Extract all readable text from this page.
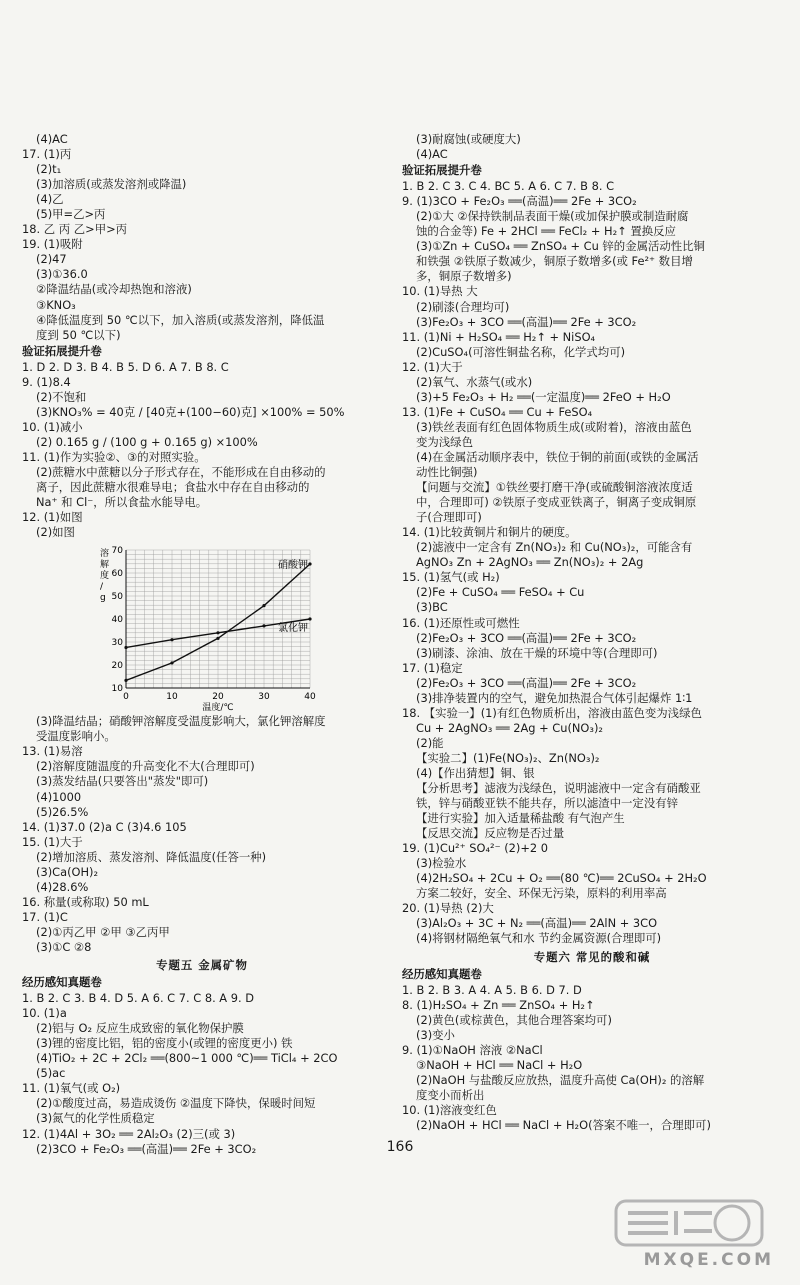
(4)AC
17. (1)丙
(2)t₁
(3)加溶质(或蒸发溶剂或降温)
(4)乙
(5)甲=乙>丙
18. 乙 丙 乙>甲>丙
19. (1)吸附
(2)47
(3)①36.0
②降温结晶(或冷却热饱和溶液)
③KNO₃
④降低温度到 50 ℃以下，加入溶质(或蒸发溶剂，降低温
度到 50 ℃以下)
验证拓展提升卷
1. D 2. D 3. B 4. B 5. D 6. A 7. B 8. C
9. (1)8.4
(2)不饱和
(3)KNO₃% = 40克 / [40克+(100−60)克] ×100% = 50%
10. (1)减小
(2) 0.165 g / (100 g + 0.165 g) ×100%
11. (1)作为实验②、③的对照实验。
(2)蔗糖水中蔗糖以分子形式存在，不能形成在自由移动的
离子，因此蔗糖水很难导电；食盐水中存在自由移动的
Na⁺ 和 Cl⁻，所以食盐水能导电。
12. (1)如图
(2)如图
0	10	20	30	40
10
20
30
40
50
60
70
溶解度/ g
温度/℃
硝酸钾
氯化钾
(3)降温结晶；硝酸钾溶解度受温度影响大，氯化钾溶解度
受温度影响小。
13. (1)易溶
(2)溶解度随温度的升高变化不大(合理即可)
(3)蒸发结晶(只要答出"蒸发"即可)
(4)1000
(5)26.5%
14. (1)37.0 (2)a C (3)4.6 105
15. (1)大于
(2)增加溶质、蒸发溶剂、降低温度(任答一种)
(3)Ca(OH)₂
(4)28.6%
16. 称量(或称取) 50 mL
17. (1)C
(2)①丙乙甲 ②甲 ③乙丙甲
(3)①C ②8
专题五 金属矿物
经历感知真题卷
1. B 2. C 3. B 4. D 5. A 6. C 7. C 8. A 9. D
10. (1)a
(2)铝与 O₂ 反应生成致密的氧化物保护膜
(3)锂的密度比铝，铝的密度小(或锂的密度更小) 铁
(4)TiO₂ + 2C + 2Cl₂ ══(800~1 000 ℃)══ TiCl₄ + 2CO
(5)ac
11. (1)氧气(或 O₂)
(2)①酸度过高，易造成烫伤 ②温度下降快，保暖时间短
(3)氮气的化学性质稳定
12. (1)4Al + 3O₂ ══ 2Al₂O₃ (2)三(或 3)
(2)3CO + Fe₂O₃ ══(高温)══ 2Fe + 3CO₂
(3)耐腐蚀(或硬度大)
(4)AC
验证拓展提升卷
1. B 2. C 3. C 4. BC 5. A 6. C 7. B 8. C
9. (1)3CO + Fe₂O₃ ══(高温)══ 2Fe + 3CO₂
(2)①大 ②保持铁制品表面干燥(或加保护膜或制造耐腐
蚀的合金等) Fe + 2HCl ══ FeCl₂ + H₂↑ 置换反应
(3)①Zn + CuSO₄ ══ ZnSO₄ + Cu 锌的金属活动性比铜
和铁强 ②铁原子数减少，铜原子数增多(或 Fe²⁺ 数目增
多，铜原子数增多)
10. (1)导热 大
(2)刷漆(合理均可)
(3)Fe₂O₃ + 3CO ══(高温)══ 2Fe + 3CO₂
11. (1)Ni + H₂SO₄ ══ H₂↑ + NiSO₄
(2)CuSO₄(可溶性铜盐名称，化学式均可)
12. (1)大于
(2)氧气、水蒸气(或水)
(3)+5 Fe₂O₃ + H₂ ══(一定温度)══ 2FeO + H₂O
13. (1)Fe + CuSO₄ ══ Cu + FeSO₄
(3)铁丝表面有红色固体物质生成(或附着)，溶液由蓝色
变为浅绿色
(4)在金属活动顺序表中，铁位于铜的前面(或铁的金属活
动性比铜强)
【问题与交流】①铁丝要打磨干净(或硫酸铜溶液浓度适
中，合理即可) ②铁原子变成亚铁离子，铜离子变成铜原
子(合理即可)
14. (1)比较黄铜片和铜片的硬度。
(2)滤液中一定含有 Zn(NO₃)₂ 和 Cu(NO₃)₂，可能含有
AgNO₃ Zn + 2AgNO₃ ══ Zn(NO₃)₂ + 2Ag
15. (1)氢气(或 H₂)
(2)Fe + CuSO₄ ══ FeSO₄ + Cu
(3)BC
16. (1)还原性或可燃性
(2)Fe₂O₃ + 3CO ══(高温)══ 2Fe + 3CO₂
(3)刷漆、涂油、放在干燥的环境中等(合理即可)
17. (1)稳定
(2)Fe₂O₃ + 3CO ══(高温)══ 2Fe + 3CO₂
(3)排净装置内的空气，避免加热混合气体引起爆炸 1∶1
18. 【实验一】(1)有红色物质析出，溶液由蓝色变为浅绿色
Cu + 2AgNO₃ ══ 2Ag + Cu(NO₃)₂
(2)能
【实验二】(1)Fe(NO₃)₂、Zn(NO₃)₂
(4)【作出猜想】铜、银
【分析思考】滤液为浅绿色，说明滤液中一定含有硝酸亚
铁，锌与硝酸亚铁不能共存，所以滤渣中一定没有锌
【进行实验】加入适量稀盐酸 有气泡产生
【反思交流】反应物是否过量
19. (1)Cu²⁺ SO₄²⁻ (2)+2 0
(3)检验水
(4)2H₂SO₄ + 2Cu + O₂ ══(80 ℃)══ 2CuSO₄ + 2H₂O
方案二较好，安全、环保无污染，原料的利用率高
20. (1)导热 (2)大
(3)Al₂O₃ + 3C + N₂ ══(高温)══ 2AlN + 3CO
(4)将钢材隔绝氧气和水 节约金属资源(合理即可)
专题六 常见的酸和碱
经历感知真题卷
1. B 2. B 3. A 4. A 5. B 6. D 7. D
8. (1)H₂SO₄ + Zn ══ ZnSO₄ + H₂↑
(2)黄色(或棕黄色，其他合理答案均可)
(3)变小
9. (1)①NaOH 溶液 ②NaCl
③NaOH + HCl ══ NaCl + H₂O
(2)NaOH 与盐酸反应放热，温度升高使 Ca(OH)₂ 的溶解
度变小而析出
10. (1)溶液变红色
(2)NaOH + HCl ══ NaCl + H₂O(答案不唯一，合理即可)
166
MXQE.COM
